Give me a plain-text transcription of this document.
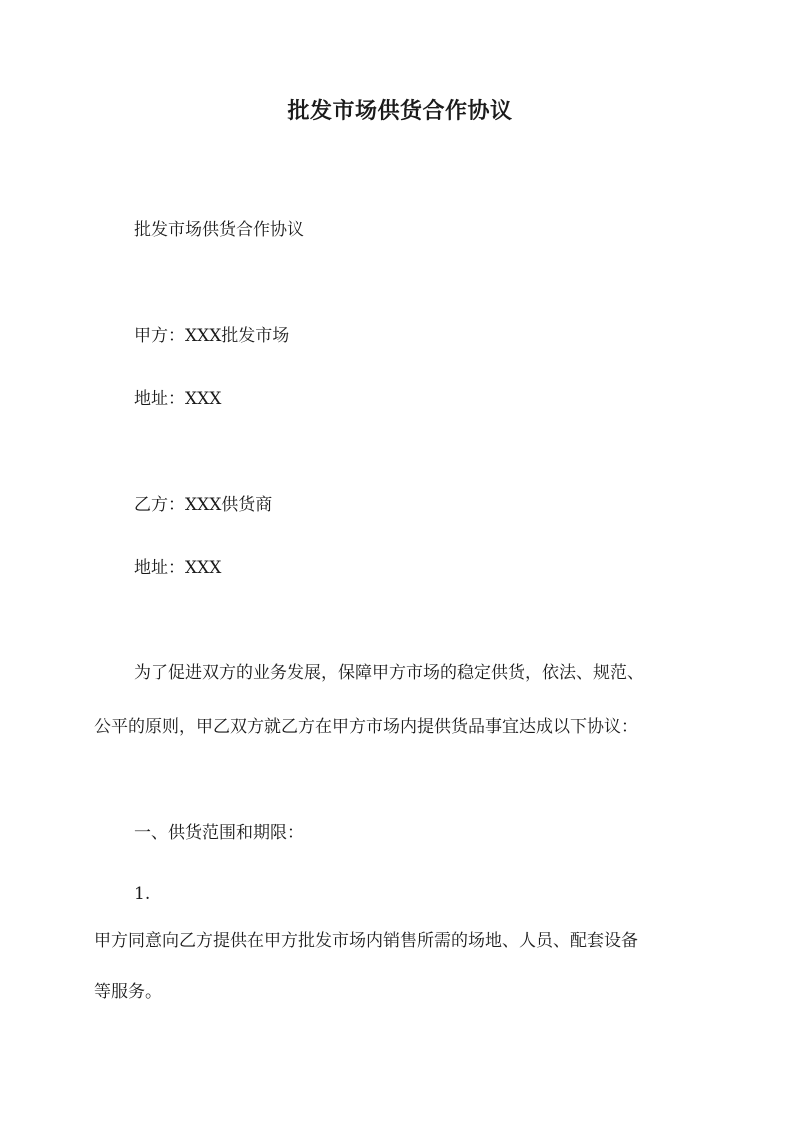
批发市场供货合作协议
批发市场供货合作协议
甲方：XXX批发市场
地址：XXX
乙方：XXX供货商
地址：XXX
为了促进双方的业务发展，保障甲方市场的稳定供货，依法、规范、
公平的原则，甲乙双方就乙方在甲方市场内提供货品事宜达成以下协议：
一、供货范围和期限：
1.
甲方同意向乙方提供在甲方批发市场内销售所需的场地、人员、配套设备
等服务。
